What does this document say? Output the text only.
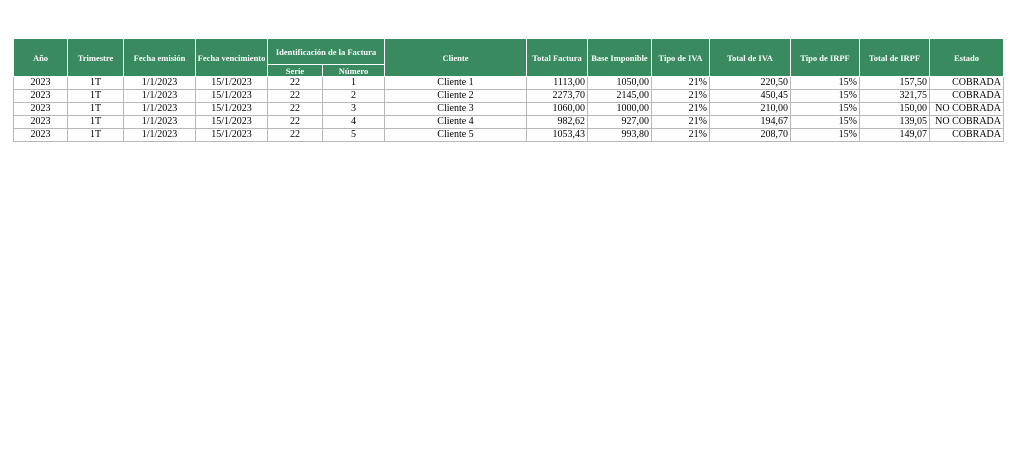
Año	Trimestre	Fecha emisión	Fecha vencimiento	Identificación de la Factura		Cliente	Total Factura	Base Imponible	Tipo de IVA	Total de IVA	Tipo de IRPF	Total de IRPF	Estado
				Serie	Número								
2023	1T	1/1/2023	15/1/2023	22	1	Cliente 1	1113,00	1050,00	21%	220,50	15%	157,50	COBRADA
2023	1T	1/1/2023	15/1/2023	22	2	Cliente 2	2273,70	2145,00	21%	450,45	15%	321,75	COBRADA
2023	1T	1/1/2023	15/1/2023	22	3	Cliente 3	1060,00	1000,00	21%	210,00	15%	150,00	NO COBRADA
2023	1T	1/1/2023	15/1/2023	22	4	Cliente 4	982,62	927,00	21%	194,67	15%	139,05	NO COBRADA
2023	1T	1/1/2023	15/1/2023	22	5	Cliente 5	1053,43	993,80	21%	208,70	15%	149,07	COBRADA
